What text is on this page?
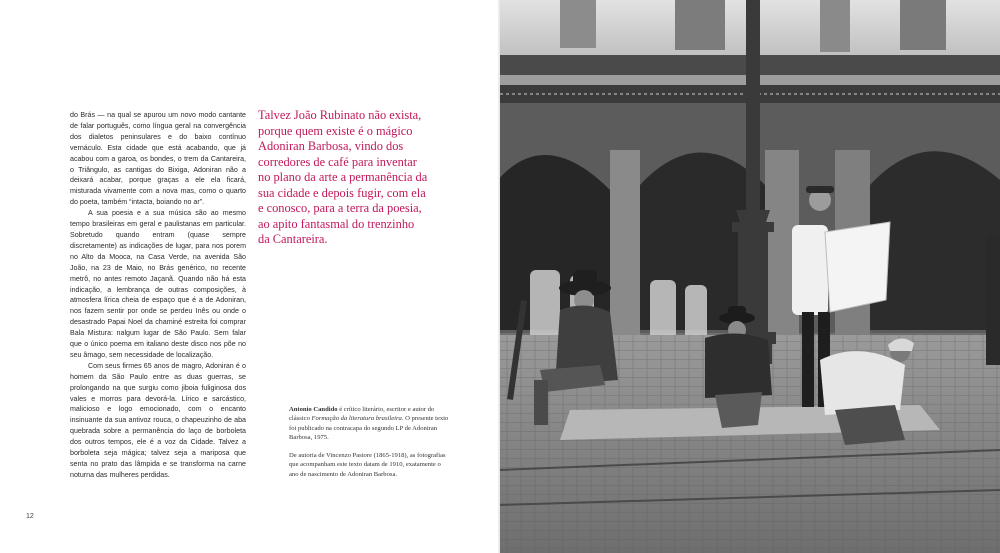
do Brás — na qual se apurou um novo modo cantante de falar português, como língua geral na convergência dos dialetos peninsulares e do baixo contínuo vernáculo. Esta cidade que está acabando, que já acabou com a garoa, os bondes, o trem da Cantareira, o Triângulo, as cantigas do Bixiga, Adoniran não a deixará acabar, porque graças a ele ela ficará, misturada vivamente com a nova mas, como o quarto do poeta, também “intacta, boiando no ar”.

A sua poesia e a sua música são ao mesmo tempo brasileiras em geral e paulistanas em particular. Sobretudo quando entram (quase sempre discretamente) as indicações de lugar, para nos porem no Alto da Mooca, na Casa Verde, na avenida São João, na 23 de Maio, no Brás genérico, no recente metrô, no antes remoto Jaçanã. Quando não há esta indicação, a lembrança de outras composições, à atmosfera lírica cheia de espaço que é a de Adoniran, nos fazem sentir por onde se perdeu Inês ou onde o desastrado Papai Noel da chaminé estreita foi comprar Bala Mistura: nalgum lugar de São Paulo. Sem falar que o único poema em italiano deste disco nos põe no seu âmago, sem necessidade de localização.

Com seus firmes 65 anos de magro, Adoniran é o homem da São Paulo entre as duas guerras, se prolongando na que surgiu como jiboia fuliginosa dos vales e morros para devorá-la. Lírico e sarcástico, malicioso e logo emocionado, com o encanto insinuante da sua antivoz rouca, o chapeuzinho de aba quebrada sobre a permanência do laço de borboleta dos outros tempos, ele é a voz da Cidade. Talvez a borboleta seja mágica; talvez seja a mariposa que senta no prato das lâmpida e se transforma na carne noturna das mulheres perdidas.

Talvez João Rubinato não exista, porque quem existe é o mágico Adoniran Barbosa, vindo dos corredores de café para inventar no plano da arte a permanência da sua cidade e depois fugir, com ela e conosco, para a terra da poesia, ao apito fantasmal do trenzinho da Cantareira.

Antonio Candido é crítico literário, escritor e autor do clássico Formação da literatura brasileira. O presente texto foi publicado na contracapa do segundo LP de Adoniran Barbosa, 1975.

De autoria de Vincenzo Pastore (1865-1918), as fotografias que acompanham este texto datam de 1910, exatamente o ano de nascimento de Adoniran Barbosa.

12
